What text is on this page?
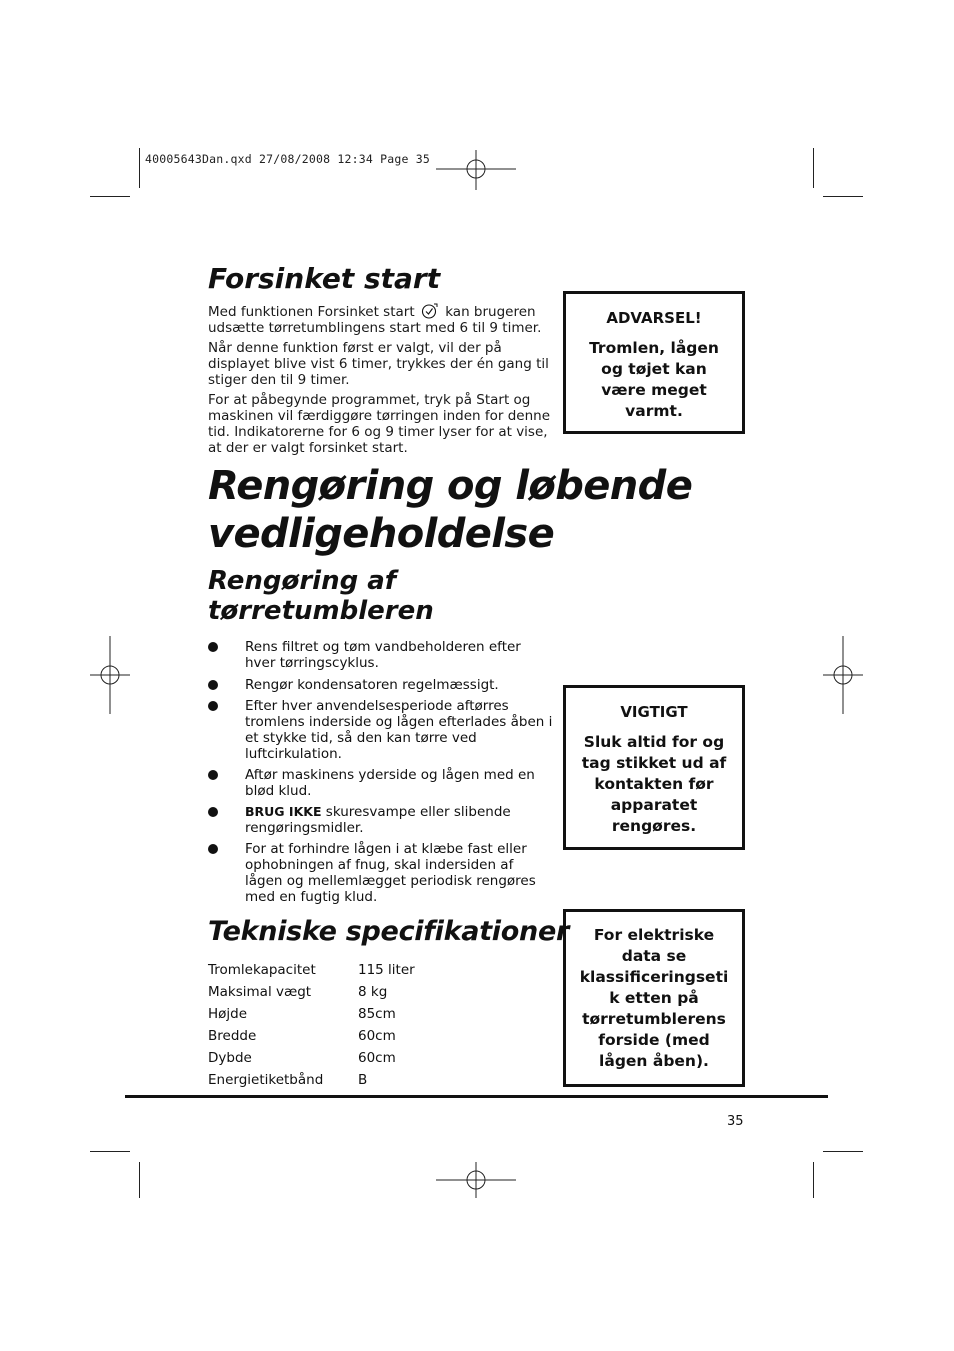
40005643Dan.qxd 27/08/2008 12:34 Page 35
Forsinket start

Med funktionen Forsinket start kan brugeren udsætte tørretumblingens start med 6 til 9 timer.

Når denne funktion først er valgt, vil der på displayet blive vist 6 timer, trykkes der én gang til stiger den til 9 timer.

For at påbegynde programmet, tryk på Start og maskinen vil færdiggøre tørringen inden for denne tid. Indikatorerne for 6 og 9 timer lyser for at vise, at der er valgt forsinket start.

ADVARSEL!
Tromlen, lågen og tøjet kan være meget varmt.
Rengøring og løbende
vedligeholdelse
Rengøring af
tørretumbleren
Rens filtret og tøm vandbeholderen efter hver tørringscyklus.
Rengør kondensatoren regelmæssigt.
Efter hver anvendelsesperiode aftørres tromlens inderside og lågen efterlades åben i et stykke tid, så den kan tørre ved luftcirkulation.
Aftør maskinens yderside og lågen med en blød klud.
BRUG IKKE skuresvampe eller slibende rengøringsmidler.
For at forhindre lågen i at klæbe fast eller ophobningen af fnug, skal indersiden af lågen og mellemlægget periodisk rengøres med en fugtig klud.
VIGTIGT
Sluk altid for og tag stikket ud af kontakten før apparatet rengøres.
Tekniske specifikationer
Tromlekapacitet	115 liter
Maksimal vægt	8 kg
Højde	85cm
Bredde	60cm
Dybde	60cm
Energietiketbånd	B
For elektriske data se klassificeringsetik etten på tørretumblerens forside (med lågen åben).
35
